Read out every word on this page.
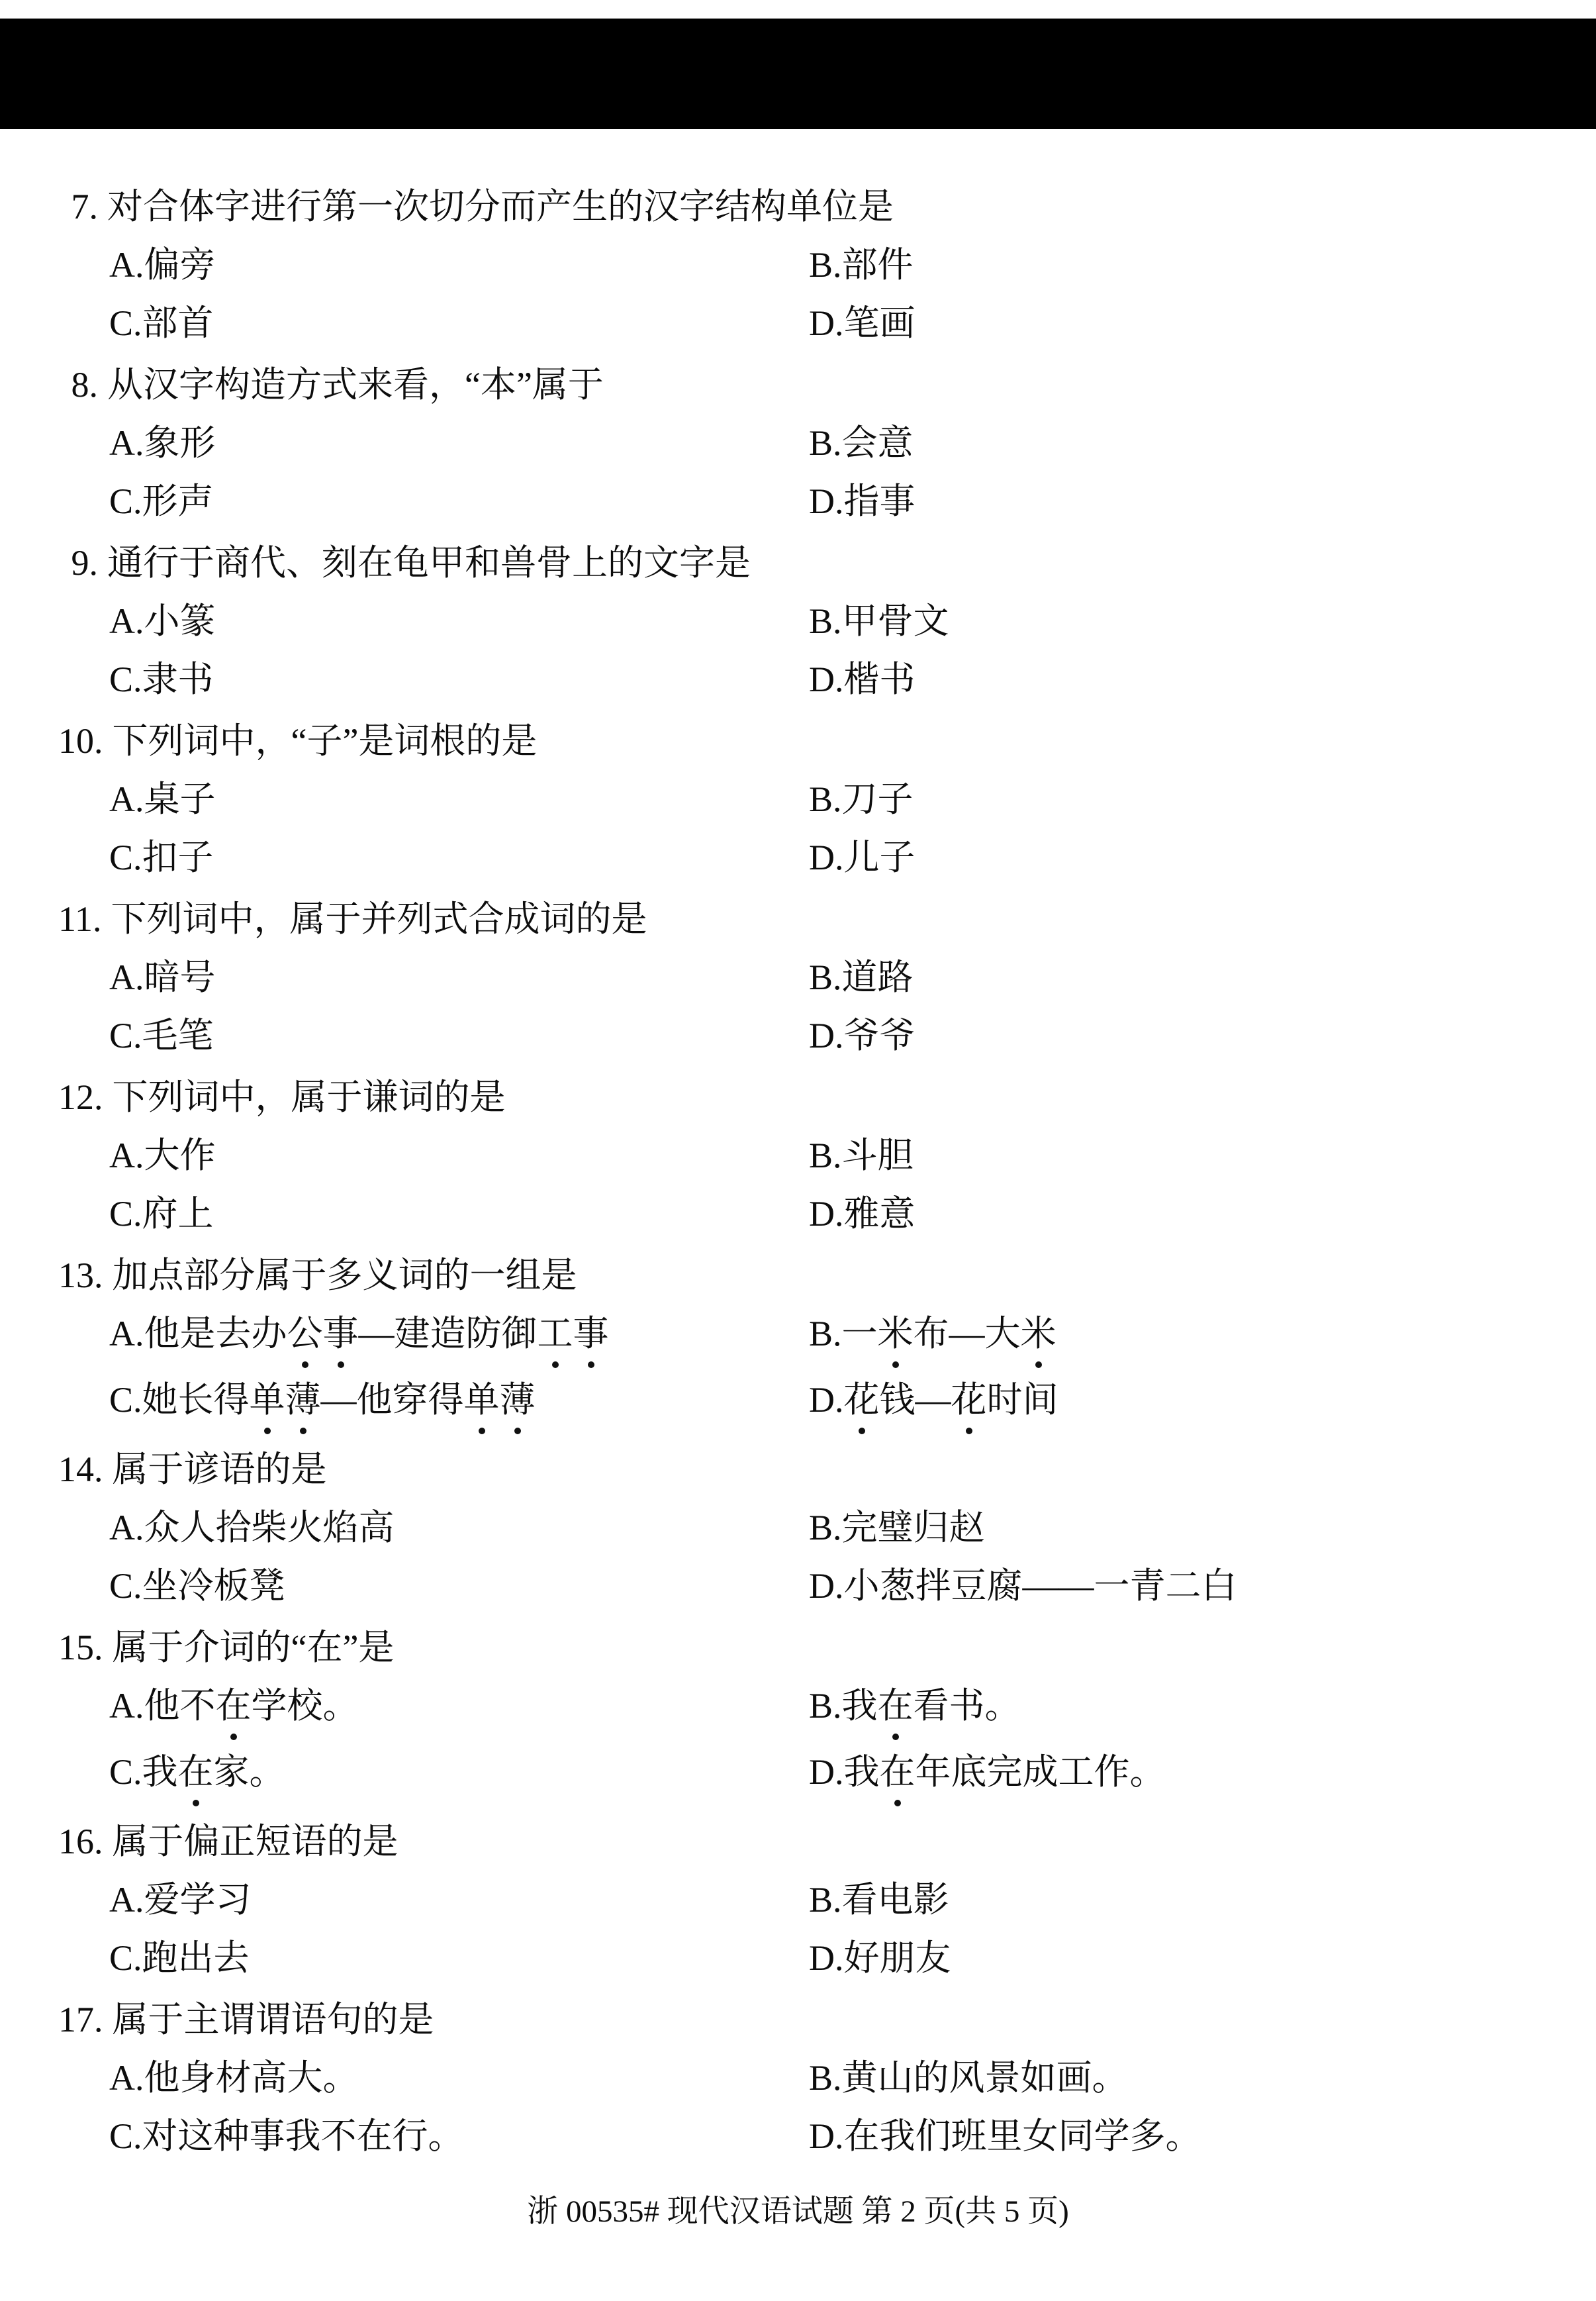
7. 对合体字进行第一次切分而产生的汉字结构单位是
A. 偏旁	B. 部件
C. 部首	D. 笔画
8. 从汉字构造方式来看，“本”属于
A. 象形	B. 会意
C. 形声	D. 指事
9. 通行于商代、刻在龟甲和兽骨上的文字是
A. 小篆	B. 甲骨文
C. 隶书	D. 楷书
10. 下列词中，“子”是词根的是
A. 桌子	B. 刀子
C. 扣子	D. 儿子
11. 下列词中，属于并列式合成词的是
A. 暗号	B. 道路
C. 毛笔	D. 爷爷
12. 下列词中，属于谦词的是
A. 大作	B. 斗胆
C. 府上	D. 雅意
13. 加点部分属于多义词的一组是
A. 他是去办公事—建造防御工事	B. 一米布—大米
C. 她长得单薄—他穿得单薄	D. 花钱—花时间
14. 属于谚语的是
A. 众人拾柴火焰高	B. 完璧归赵
C. 坐冷板凳	D. 小葱拌豆腐——一青二白
15. 属于介词的“在”是
A. 他不在学校。	B. 我在看书。
C. 我在家。	D. 我在年底完成工作。
16. 属于偏正短语的是
A. 爱学习	B. 看电影
C. 跑出去	D. 好朋友
17. 属于主谓谓语句的是
A. 他身材高大。	B. 黄山的风景如画。
C. 对这种事我不在行。	D. 在我们班里女同学多。
浙 00535# 现代汉语试题 第 2 页(共 5 页)
